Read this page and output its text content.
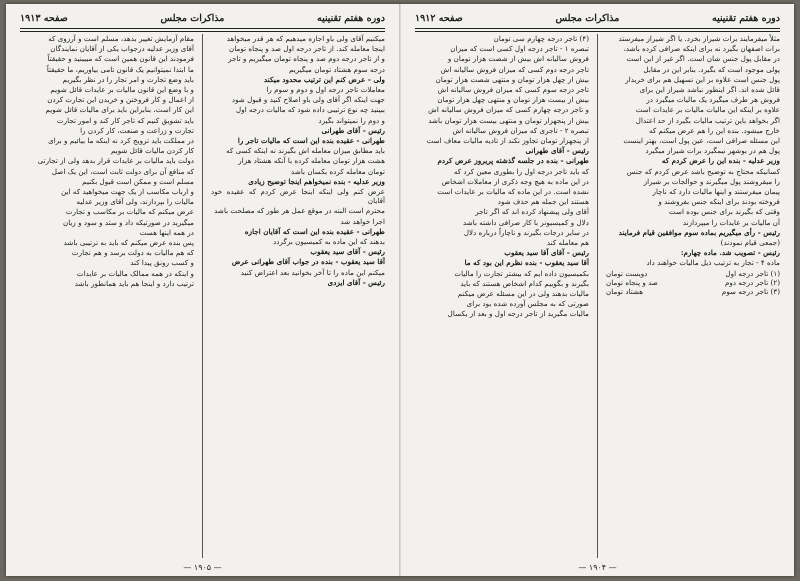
دوره هفتم تقنينيه
مذاکرات مجلس
صفحه ۱۹۱۳

میکنیم آقای ولی باو اجازه میدهیم که هر قدر میخواهد

اینجا معامله کند. از تاجر درجه اول صد و پنجاه تومان

و از تاجر درجه دوم صد و پنجاه تومان میگیریم و تاجر

درجه سوم هشتاد تومان میگیریم

ولی - عرض کنم این ترتیب محدود میکند

معاملات تاجر درجه اول و دوم و سوم را

جهت اینکه اگر آقای ولی باو اصلاح کنید و قبول شود

ببینید چه نوع ترتیبی داده شود که مالیات درجه اول

و دوم را نمیتواند بگیرد

رئیس - آقای طهرانی

طهرانی - عقیده بنده این است که مالیات تاجر را

باید مطابق میزان معامله اش بگیرند نه اینکه کسی که

هشت هزار تومان معامله کرده با آنکه هشتاد هزار

تومان معامله کرده یکسان باشد

وزیر عدلیه - بنده نمیخواهم اینجا توضیح زیادی

عرض کنم ولی اینکه اینجا عرض کردم که عقیده خود آقایان

محترم است البته در موقع عمل هر طور که مصلحت باشد

اجرا خواهد شد

طهرانی - عقیده بنده این است که آقایان اجازه

بدهند که این ماده به کمیسیون برگردد

رئیس - آقای سید یعقوب

آقا سید یعقوب - بنده در جواب آقای طهرانی عرض

میکنم این ماده را تا آخر بخوانید بعد اعتراض کنید

رئیس - آقای ایزدی

مقام آزمایش تغییر بدهد، مسلم است و آرزوی که

آقای وزیر عدلیه درجواب یکی از آقایان نمایندگان

فرمودند این قانون همین است که میبینید و حقیقتاً

ما ابتدا نمیتوانیم یک قانون تامی بیاوریم، ما حقیقتاً

باید وضع تجارت و امر تجار را در نظر بگیریم

و با وضع این قانون مالیات بر عایدات قائل شویم

از اعمال و کار فروختن و خریدن این تجارت کردن

این کار است، بنابراین باید برای مالیات قائل شویم

باید تشویق کنیم که تاجر کار کند و امور تجارت

تجارت و زراعت و صنعت، کار کردن را

در مملکت باید ترویج کرد نه اینکه ما بیائیم و برای

کار کردن مالیات قائل شویم

دولت باید مالیات بر عایدات قرار بدهد ولی از تجارتی

که منافع آن برای دولت ثابت است، این یک اصل

مسلم است و ممکن است قبول بکنیم

و ارباب مکاسب از یک جهت میخواهید که این

مالیات را بپردازند، ولی آقای وزیر عدلیه

عرض میکنم که مالیات بر مکاسب و تجارت

میگیرید در صورتیکه داد و ستد و سود و زیان

در همه اینها هست

پس بنده عرض میکنم که باید به ترتیبی باشد

که هم مالیات به دولت برسد و هم تجارت

و کسب رونق پیدا کند

و اینکه در همه ممالک مالیات بر عایدات

ترتیب دارد و اینجا هم باید همانطور باشد

— ۱۹۰۵ —
دوره هفتم تقنينيه
مذاکرات مجلس
صفحه ۱۹۱۲

مثلاً میفرمایند برات شیراز بخرد. یا اگر شیراز میفرستد

برات اصفهان بگیرد نه برای اینکه صرافی کرده باشد،

در مقابل پول جنس شان است. اگر غیر از این است

پولی موجود است که بگیرد. بنابر این در مقابل

پول جنس است علاوه بر این تسهیل هم برای خریدار

قائل شده اند. اگر اینطور نباشد شیراز این برای

فروش هر طرف میگیرد یک مالیات میگیرد در

علاوه بر اینکه این مالیات مالیات بر عایدات است

اگر بخواهد باین ترتیب مالیات بگیرد از حد اعتدال

خارج میشود. بنده این را هم عرض میکنم که

این مسئله صرافی است، عین پول است، بهتر اینست

پول هم در بوشهر نیمگیرد برات شیراز میگیرد

وزیر عدلیه - بنده این را عرض کردم که

کسانیکه محتاج به توضیح باشد عرض کردم که جنس

را میفروشند پول میگیرند و حوالجات بر شیراز

پیمان میفرستند و اینها مالیات دارد که ناچار

فروخته بودند برای اینکه جنس بفروشند و

وقتی که بگیرند برای جنس بوده است

آن مالیات بر عایدات را میپردازند

رئیس - رأی میگیریم بماده سوم موافقین قیام فرمایند

(جمعی قیام نمودند)

رئیس - تصویب شد. ماده چهارم:

ماده ۴ - تجار به ترتیب ذیل مالیات خواهند داد

(۱) تاجر درجه اول
دویست تومان
(۲) تاجر درجه دوم
صد و پنجاه تومان
(۳) تاجر درجه سوم
هشتاد تومان

(۴) تاجر درجه چهارم سی تومان

تبصره ۱ - تاجر درجه اول کسی است که میزان

فروش سالیانه اش بیش از شصت هزار تومان و

تاجر درجه دوم کسی که میزان فروش سالیانه اش

بیش از چهل هزار تومان و منتهی شصت هزار تومان

تاجر درجه سوم کسی که میزان فروش سالیانه اش

بیش از بیست هزار تومان و منتهی چهل هزار تومان

و تاجر درجه چهارم کسی که میزان فروش سالیانه اش

بیش از پنجهزار تومان و منتهی بیست هزار تومان باشد

تبصره ۲ - تاجری که میزان فروش سالیانه اش

از پنجهزار تومان تجاوز نکند از تادیه مالیات معاف است

رئیس - آقای طهرانی

طهرانی - بنده در جلسه گذشته پریروز عرض کردم

که باید تاجر درجه اول را بطوری معین کرد که

در این ماده به هیچ وجه ذکری از معاملات اشخاص

نشده است. در این ماده که مالیات بر عایدات است

هستند این جمله هم حذف شود

آقای ولی پیشنهاد کرده اند که اگر تاجر

دلال و کمیسیونر با کار صرافی داشته باشد

در سایر درجات بگیرند و ناچاراً درباره دلال

هم معامله کند

رئیس - آقای آقا سید یعقوب

آقا سید یعقوب - بنده نظرم این بود که ما

بکمیسیون داده ایم که بیشتر تجارت را مالیات

بگیرند و بگوییم کدام اشخاص هستند که باید

مالیات بدهند ولی در این مسئله عرض میکنم

صورتی که به مجلس آورده شده بود برای

مالیات مگیرید از تاجر درجه اول و بعد از یکسال

— ۱۹۰۴ —
